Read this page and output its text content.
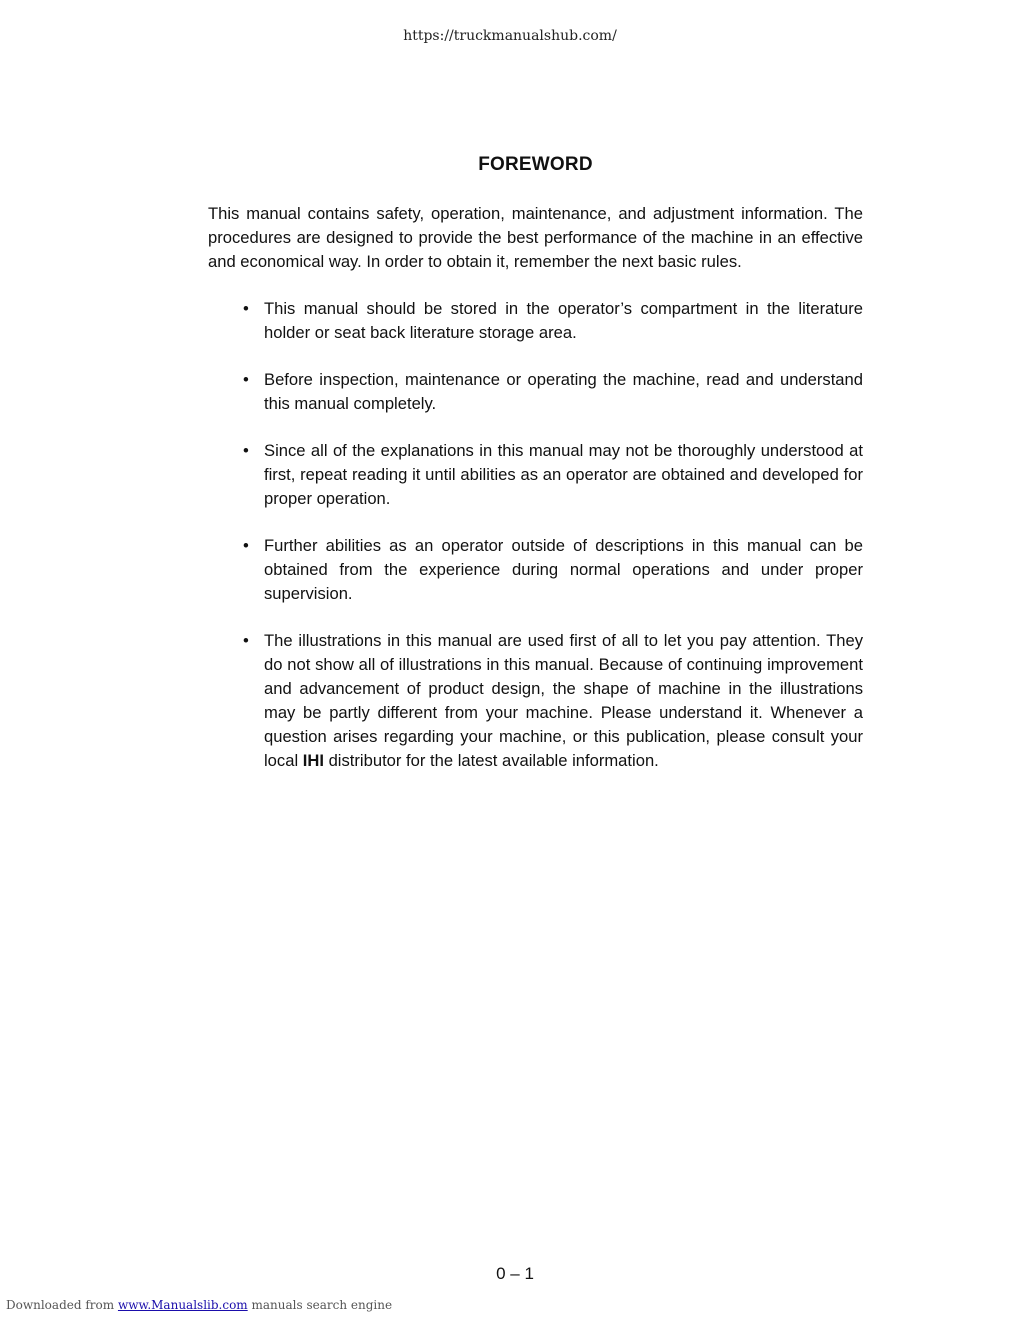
https://truckmanualshub.com/
FOREWORD

This manual contains safety, operation, maintenance, and adjustment information. The procedures are designed to provide the best performance of the machine in an effective and economical way. In order to obtain it, remember the next basic rules.

• This manual should be stored in the operator’s compartment in the literature holder or seat back literature storage area.
• Before inspection, maintenance or operating the machine, read and understand this manual completely.
• Since all of the explanations in this manual may not be thoroughly understood at first, repeat reading it until abilities as an operator are obtained and developed for proper operation.
• Further abilities as an operator outside of descriptions in this manual can be obtained from the experience during normal operations and under proper supervision.
• The illustrations in this manual are used first of all to let you pay attention. They do not show all of illustrations in this manual. Because of continuing improvement and advancement of product design, the shape of machine in the illustrations may be partly different from your machine. Please understand it. Whenever a question arises regarding your machine, or this publication, please consult your local IHI distributor for the latest available information.
0 – 1
Downloaded from www.Manualslib.com manuals search engine
